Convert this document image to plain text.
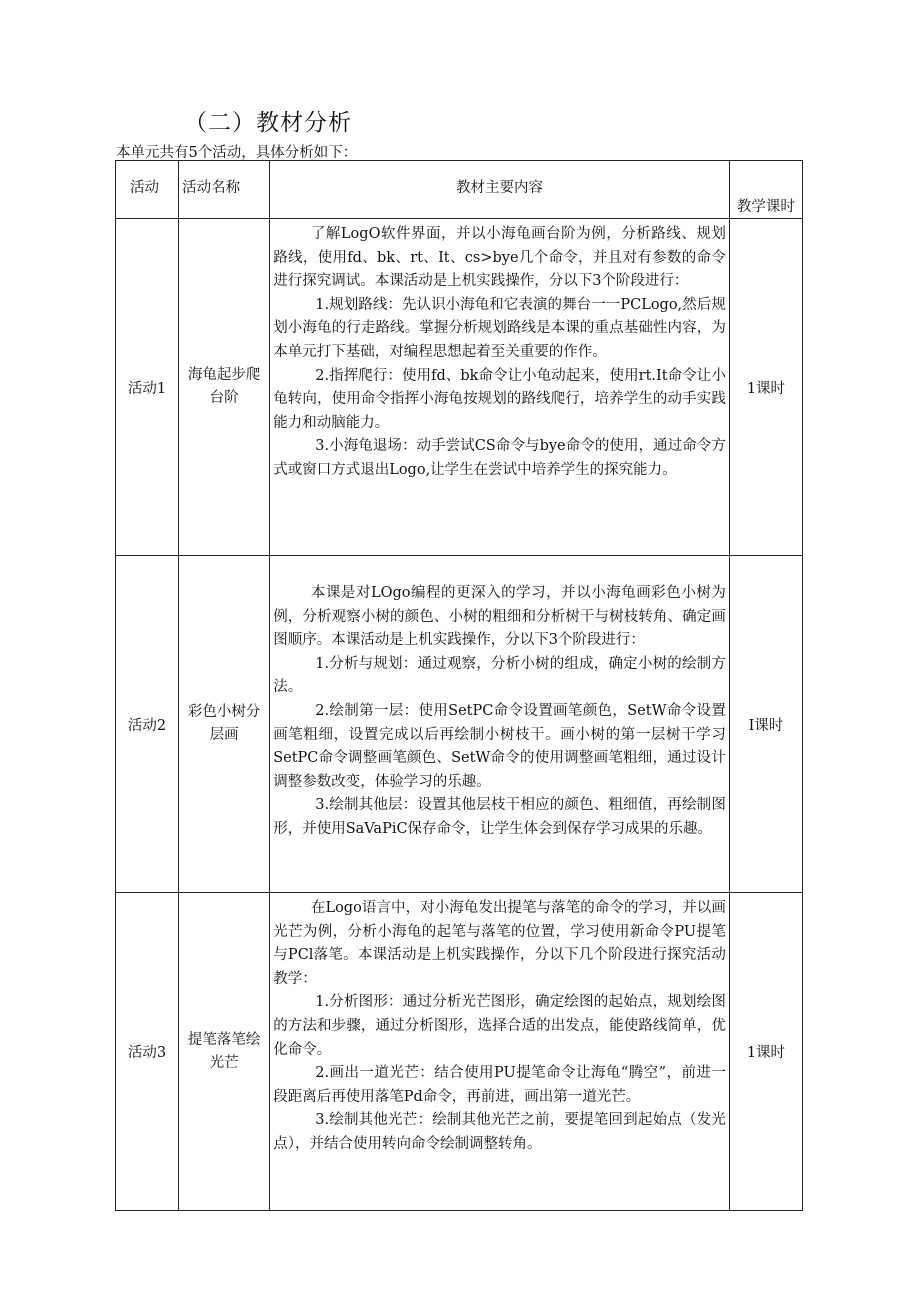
（二）教材分析
本单元共有5个活动，具体分析如下：
活动	活动名称	教材主要内容	教学课时
活动1	海龟起步爬台阶	了解LogO软件界面，并以小海龟画台阶为例，分析路线、规划路线，使用fd、bk、rt、It、cs>bye几个命令，并且对有参数的命令进行探究调试。本课活动是上机实践操作，分以下3个阶段进行：

1.规划路线：先认识小海龟和它表演的舞台一一PCLogo,然后规划小海龟的行走路线。掌握分析规划路线是本课的重点基础性内容，为本单元打下基础，对编程思想起着至关重要的作作。

2.指挥爬行：使用fd、bk命令让小龟动起来，使用rt.It命令让小龟转向，使用命令指挥小海龟按规划的路线爬行，培养学生的动手实践能力和动脑能力。

3.小海龟退场：动手尝试CS命令与bye命令的使用，通过命令方式或窗口方式退出Logo,让学生在尝试中培养学生的探究能力。	1课时
活动2	彩色小树分层画	本课是对LOgo编程的更深入的学习，并以小海龟画彩色小树为例，分析观察小树的颜色、小树的粗细和分析树干与树枝转角、确定画图顺序。本课活动是上机实践操作，分以下3个阶段进行：

1.分析与规划：通过观察，分析小树的组成，确定小树的绘制方法。

2.绘制第一层：使用SetPC命令设置画笔颜色，SetW命令设置画笔粗细，设置完成以后再绘制小树枝干。画小树的第一层树干学习SetPC命令调整画笔颜色、SetW命令的使用调整画笔粗细，通过设计调整参数改变，体验学习的乐趣。

3.绘制其他层：设置其他层枝干相应的颜色、粗细值，再绘制图形，并使用SaVaPiC保存命令，让学生体会到保存学习成果的乐趣。	I课时
活动3	提笔落笔绘光芒	在Logo语言中，对小海龟发出提笔与落笔的命令的学习，并以画光芒为例，分析小海龟的起笔与落笔的位置，学习使用新命令PU提笔与PCl落笔。本课活动是上机实践操作，分以下几个阶段进行探究活动教学：

1.分析图形：通过分析光芒图形，确定绘图的起始点，规划绘图的方法和步骤，通过分析图形，选择合适的出发点，能使路线简单，优化命令。

2.画出一道光芒：结合使用PU提笔命令让海龟“腾空”，前进一段距离后再使用落笔Pd命令，再前进，画出第一道光芒。

3.绘制其他光芒：绘制其他光芒之前，要提笔回到起始点（发光点），并结合使用转向命令绘制调整转角。	1课时
